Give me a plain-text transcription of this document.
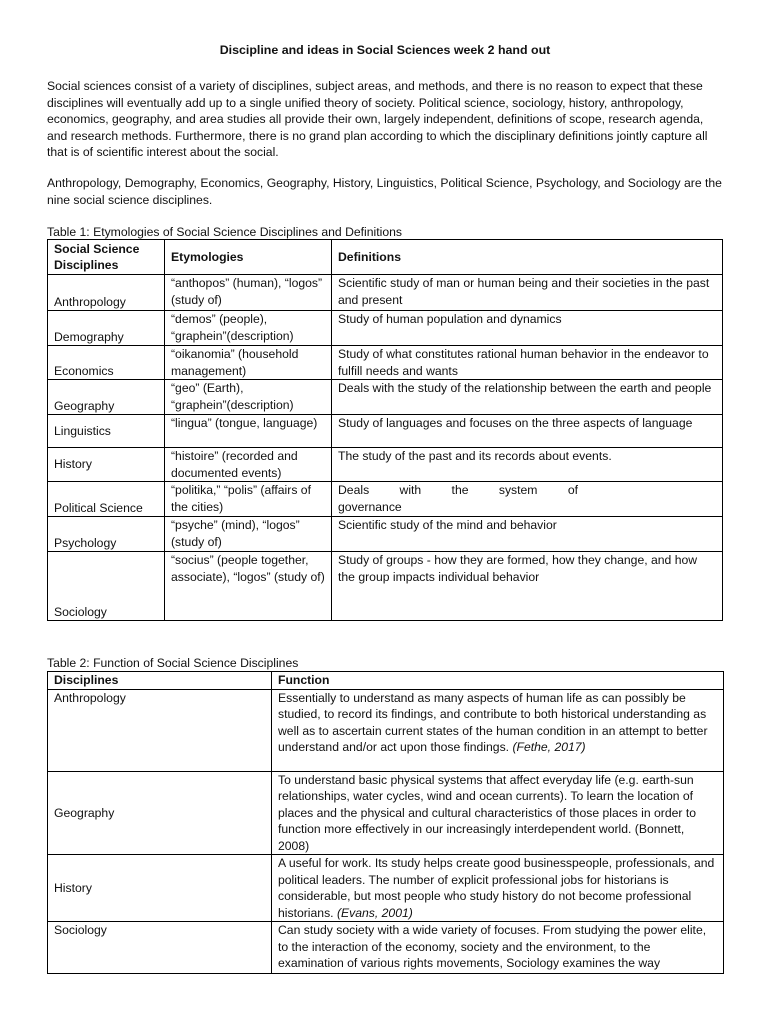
Discipline and ideas in Social Sciences week 2 hand out

Social sciences consist of a variety of disciplines, subject areas, and methods, and there is no reason to expect that these disciplines will eventually add up to a single unified theory of society. Political science, sociology, history, anthropology, economics, geography, and area studies all provide their own, largely independent, definitions of scope, research agenda, and research methods. Furthermore, there is no grand plan according to which the disciplinary definitions jointly capture all that is of scientific interest about the social.

Anthropology, Demography, Economics, Geography, History, Linguistics, Political Science, Psychology, and Sociology are the nine social science disciplines.

Table 1: Etymologies of Social Science Disciplines and Definitions

Social Science Disciplines	Etymologies	Definitions
Anthropology	“anthopos” (human), “logos” (study of)	Scientific study of man or human being and their societies in the past and present
Demography	“demos” (people), “graphein”(description)	Study of human population and dynamics
Economics	“oikanomia” (household management)	Study of what constitutes rational human behavior in the endeavor to fulfill needs and wants
Geography	“geo” (Earth), “graphein”(description)	Deals with the study of the relationship between the earth and people
Linguistics	“lingua” (tongue, language)	Study of languages and focuses on the three aspects of language
History	“histoire” (recorded and documented events)	The study of the past and its records about events.
Political Science	“politika,” “polis” (affairs of the cities)	Deals with the system of
governance

Psychology	“psyche” (mind), “logos” (study of)	Scientific study of the mind and behavior
Sociology	“socius” (people together, associate), “logos” (study of)	Study of groups - how they are formed, how they change, and how the group impacts individual behavior

Table 2: Function of Social Science Disciplines

Disciplines	Function
Anthropology	Essentially to understand as many aspects of human life as can possibly be studied, to record its findings, and contribute to both historical understanding as well as to ascertain current states of the human condition in an attempt to better understand and/or act upon those findings. (Fethe, 2017)
Geography	To understand basic physical systems that affect everyday life (e.g. earth-sun relationships, water cycles, wind and ocean currents). To learn the location of places and the physical and cultural characteristics of those places in order to function more effectively in our increasingly interdependent world. (Bonnett, 2008)
History	A useful for work. Its study helps create good businesspeople, professionals, and political leaders. The number of explicit professional jobs for historians is considerable, but most people who study history do not become professional historians. (Evans, 2001)
Sociology	Can study society with a wide variety of focuses. From studying the power elite, to the interaction of the economy, society and the environment, to the examination of various rights movements, Sociology examines the way
